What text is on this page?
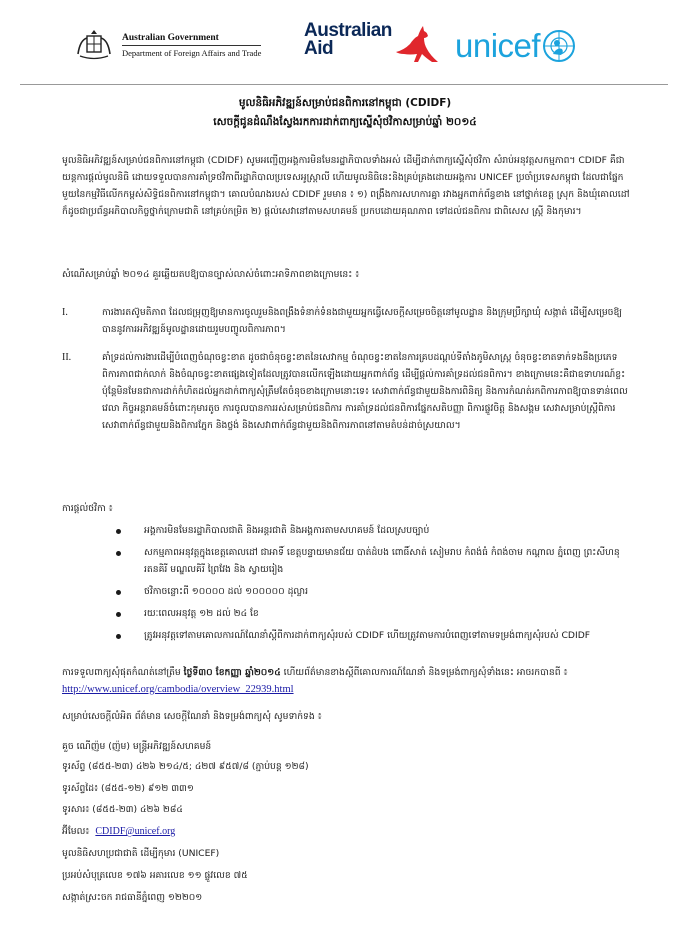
Australian Government
Department of Foreign Affairs and Trade
Australian
Aid	unicef
មូលនិធិអភិវឌ្ឍន៍សម្រាប់ជនពិការនៅកម្ពុជា (CDIDF)
សេចក្តីជូនដំណឹងស្វែងរកការដាក់ពាក្យស្នើសុំថវិកាសម្រាប់ឆ្នាំ ២០១៤
មូលនិធិអភិវឌ្ឍន៍សម្រាប់ជនពិការនៅកម្ពុជា (CDIDF) សូមអញ្ជើញអង្គការមិនមែនរដ្ឋាភិបាលទាំងអស់ ដើម្បីដាក់ពាក្យស្នើសុំថវិកា សំរាប់អនុវត្តសកម្មភាព។ CDIDF គឺជាយន្តការផ្តល់មូលនិធិ ដោយទទួលបានការគាំទ្រថវិកាពីរដ្ឋាភិបាលប្រទេសអូស្ត្រាលី ហើយមូលនិធិនេះនិងគ្រប់គ្រងដោយអង្គការ UNICEF ប្រចាំប្រទេសកម្ពុជា ដែលជាផ្នែកមួយនៃកម្មវិធីលើកកម្ពស់សិទ្ធិជនពិការនៅកម្ពុជា។ គោលបំណងរបស់ CDIDF រួមមាន ៖ ១) ពង្រឹងការសហការគ្នា រវាងអ្នកពាក់ព័ន្ធខាង នៅថ្នាក់ខេត្ត ស្រុក និងឃុំគោលដៅ ក៏ដូចជាប្រព័ន្ធអភិបាលកិច្ចថ្នាក់ក្រោមជាតិ នៅគ្រប់កម្រិត ២) ផ្តល់សេវានៅតាមសហគមន៍ ប្រកបដោយគុណភាព ទៅដល់ជនពិការ ជាពិសេស ស្ត្រី និងកុមារ។
សំណើសម្រាប់ឆ្នាំ ២០១៤ គួរឆ្លើយតបឱ្យបានច្បាស់លាស់ចំពោះអាទិភាពខាងក្រោមនេះ ៖
I.	ការងារតស៊ូមតិភាព ដែលជម្រុញឱ្យមានការចូលរួមនិងពង្រឹងទំនាក់ទំនងជាមួយអ្នកធ្វើសេចក្តីសម្រេចចិត្តនៅមូលដ្ឋាន និងក្រុមប្រឹក្សាឃុំ សង្កាត់ ដើម្បីសម្រេចឱ្យបាននូវការអភិវឌ្ឍន៍មូលដ្ឋានដោយរួមបញ្ចូលពិការភាព។
II.	គាំទ្រដល់ការងារដើម្បីបំពេញចំណុចខ្វះខាត ដូចជាចំនុចខ្វះខាតនៃសេវាកម្ម ចំណុចខ្វះខាតនៃការគ្របដណ្តប់ទីតាំងភូមិសាស្ត្រ ចំនុចខ្វះខាតទាក់ទងនឹងប្រភេទពិការភាពជាក់លាក់ និងចំណុចខ្វះខាតផ្សេងទៀតដែលត្រូវបានលើកឡើងដោយអ្នកពាក់ព័ន្ធ ដើម្បីផ្តល់ការគាំទ្រដល់ជនពិការ។ ខាងក្រោមនេះគឺជាឧទាហរណ៍ខ្លះប៉ុន្តែមិនមែនជាការដាក់កំហិតដល់អ្នកដាក់ពាក្យសុំត្រឹមតែចំនុចខាងក្រោមនោះទេ៖ សេវាពាក់ព័ន្ធជាមួយនិងការពិនិត្យ និងការកំណត់រកពិការភាពឱ្យបានទាន់ពេលវេលា កិច្ចអន្តរាគមន៍ចំពោះកុមារតូច ការចូលបានការរស់សម្រាប់ជនពិការ ការគាំទ្រដល់ជនពិការផ្នែកសតិបញ្ញា ពិការផ្លូវចិត្ត និងសង្គម សេវាសម្រាប់ស្ត្រីពិការ សេវាពាក់ព័ន្ធជាមួយនិងពិការភ្នែក និងថ្លង់ និងសេវាពាក់ព័ន្ធជាមួយនិងពិការភាពនៅតាមតំបន់ដាច់ស្រយាល។
ការផ្តល់ថវិកា ៖
អង្គការមិនមែនរដ្ឋាភិបាលជាតិ និងអន្តរជាតិ និងអង្គការតាមសហគមន៍ ដែលស្របច្បាប់
សកម្មភាពអនុវត្តក្នុងខេត្តគោលដៅ ជាអាទិ៍ ខេត្តបន្ទាយមានជ័យ បាត់ដំបង ពោធិ៍សាត់ សៀមរាប កំពង់ធំ កំពង់ចាម កណ្តាល ភ្នំពេញ ព្រះសីហនុ រតនគិរី មណ្ឌលគិរី ព្រៃវែង និង ស្វាយរៀង
ថវិកាចន្លោះពី ១០០០០ ដល់ ១០០០០០ ដុល្លារ
រយៈពេលអនុវត្ត ១២ ដល់ ២៤ ខែ
ត្រូវអនុវត្តទៅតាមគោលការណ៍ណែនាំស្តីពីការដាក់ពាក្យសុំរបស់ CDIDF ហើយត្រូវតាមការបំពេញទៅតាមទម្រង់ពាក្យសុំរបស់ CDIDF
ការទទួលពាក្យសុំផុតកំណត់នៅត្រឹម ថ្ងៃទី៣០ ខែកញ្ញា ឆ្នាំ២០១៤ ហើយព័ត៌មានខាងស្តីពីគោលការណ៍ណែនាំ និងទម្រង់ពាក្យសុំទាំងនេះ អាចរកបានពី ៖
http://www.unicef.org/cambodia/overview_22939.html
សម្រាប់សេចក្តីលំអិត ព័ត៌មាន សេចក្តីណែនាំ និងទម្រង់ពាក្យសុំ សូមទាក់ទង ៖
គួច ណើញ៉ម (ញ៉ម) មន្ត្រីអភិវឌ្ឍន៍សហគមន៍
ទូរស័ព្ទ (៨៥៥-២៣) ៤២៦ ២១៤/៥; ៤២៧ ៩៥៧/៨ (ភ្ជាប់បន្ត ១២៨)
ទូរស័ព្ទដៃ៖ (៨៥៥-១២) ៩១២ ៣៣១
ទូរសារ៖ (៨៥៥-២៣) ៤២៦ ២៨៤
អ៊ីមែល៖ CDIDF@unicef.org
មូលនិធិសហប្រជាជាតិ ដើម្បីកុមារ (UNICEF)
ប្រអប់សំបុត្រលេខ ១៧៦ អគារលេខ ១១ ផ្លូវលេខ ៧៥
សង្កាត់ស្រះចក រាជធានីភ្នំពេញ ១២២០១
